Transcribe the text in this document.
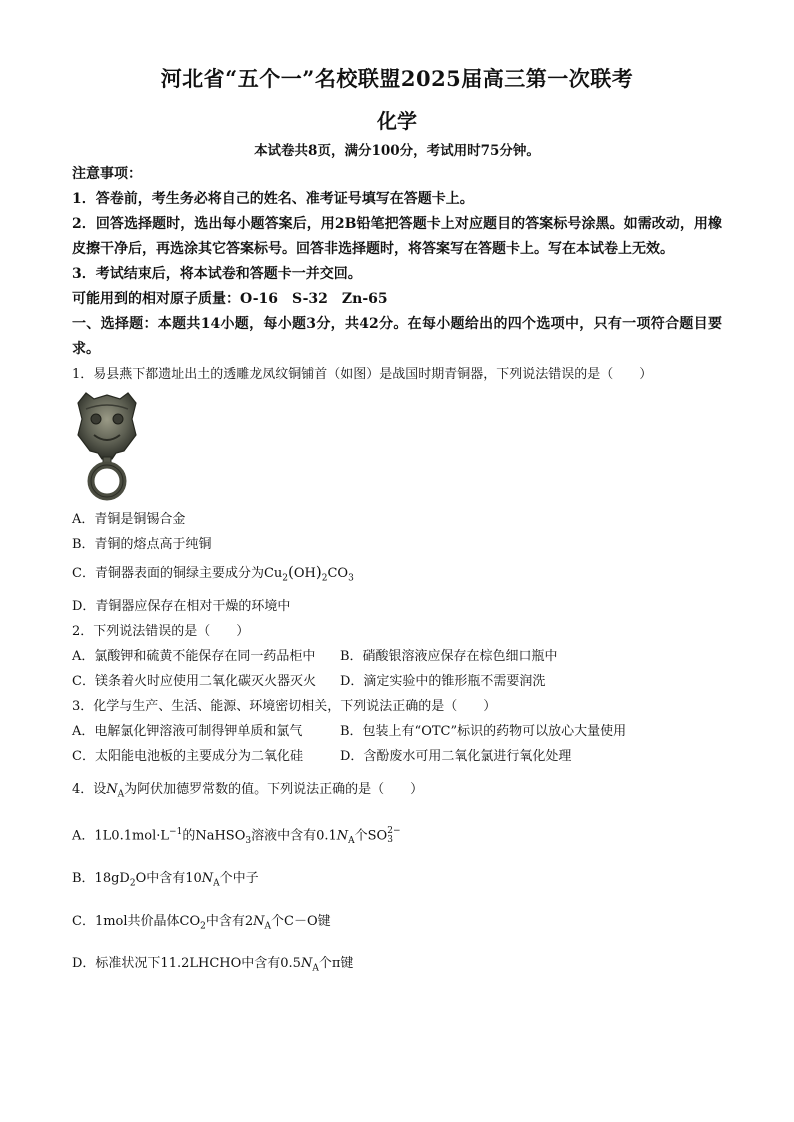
河北省“五个一”名校联盟2025届高三第一次联考

化学

本试卷共8页，满分100分，考试用时75分钟。

注意事项：

1．答卷前，考生务必将自己的姓名、准考证号填写在答题卡上。

2．回答选择题时，选出每小题答案后，用2B铅笔把答题卡上对应题目的答案标号涂黑。如需改动，用橡皮擦干净后，再选涂其它答案标号。回答非选择题时，将答案写在答题卡上。写在本试卷上无效。

3．考试结束后，将本试卷和答题卡一并交回。

可能用到的相对原子质量：O-16　S-32　Zn-65

一、选择题：本题共14小题，每小题3分，共42分。在每小题给出的四个选项中，只有一项符合题目要求。

1．易县燕下都遗址出土的透雕龙凤纹铜铺首（如图）是战国时期青铜器，下列说法错误的是（　　）

A．青铜是铜锡合金

B．青铜的熔点高于纯铜

C．青铜器表面的铜绿主要成分为$Cu_2(OH)_2CO_3$

D．青铜器应保存在相对干燥的环境中

2．下列说法错误的是（　　）

A．氯酸钾和硫黄不能保存在同一药品柜中	B．硝酸银溶液应保存在棕色细口瓶中
C．镁条着火时应使用二氧化碳灭火器灭火	D．滴定实验中的锥形瓶不需要润洗

3．化学与生产、生活、能源、环境密切相关，下列说法正确的是（　　）

A．电解氯化钾溶液可制得钾单质和氯气	B．包装上有“OTC”标识的药物可以放心大量使用
C．太阳能电池板的主要成分为二氧化硅	D．含酚废水可用二氧化氯进行氧化处理

4．设$N_A$为阿伏加德罗常数的值。下列说法正确的是（　　）

A．$1L0.1mol\cdot L^{-1}$的NaHSO$_3$溶液中含有$0.1N_A$个SO 2−
3

B．$18gD_2O$中含有$10N_A$个中子

C．1mol共价晶体$CO_2$中含有$2N_A$个C－O键

D．标准状况下11.2LHCHO中含有$0.5N_A$个π键
